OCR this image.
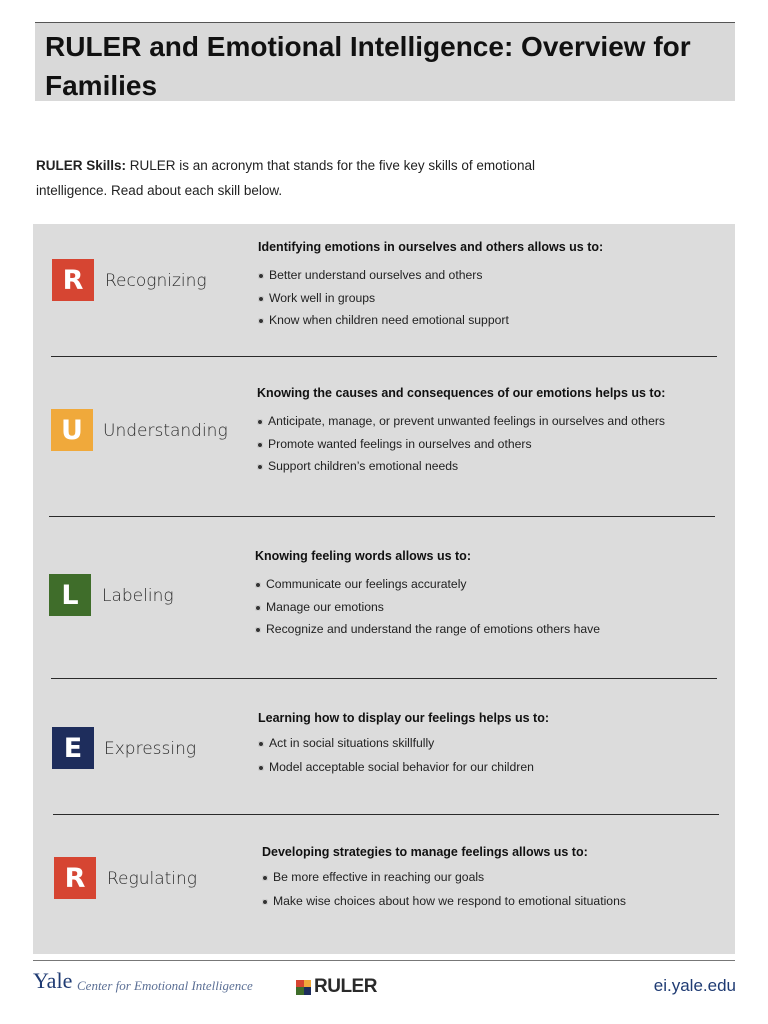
RULER and Emotional Intelligence: Overview for Families
RULER Skills: RULER is an acronym that stands for the five key skills of emotional intelligence. Read about each skill below.
R	Recognizing
Identifying emotions in ourselves and others allows us to:
Better understand ourselves and others
Work well in groups
Know when children need emotional support
U	Understanding
Knowing the causes and consequences of our emotions helps us to:
Anticipate, manage, or prevent unwanted feelings in ourselves and others
Promote wanted feelings in ourselves and others
Support children’s emotional needs
L	Labeling
Knowing feeling words allows us to:
Communicate our feelings accurately
Manage our emotions
Recognize and understand the range of emotions others have
E	Expressing
Learning how to display our feelings helps us to:
Act in social situations skillfully
Model acceptable social behavior for our children
R	Regulating
Developing strategies to manage feelings allows us to:
Be more effective in reaching our goals
Make wise choices about how we respond to emotional situations
Yale Center for Emotional Intelligence	RULER	ei.yale.edu
